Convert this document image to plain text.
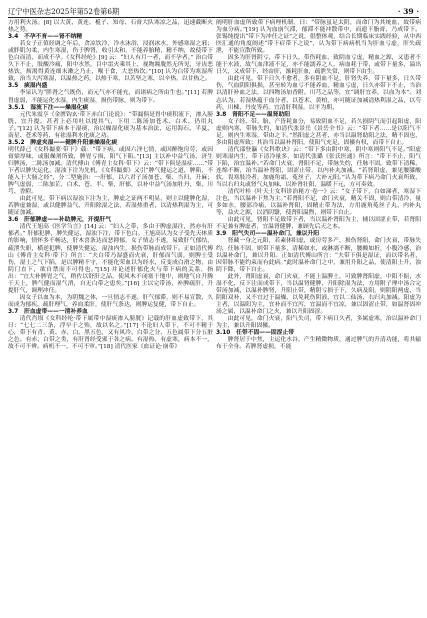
辽宁中医杂志2025年第52卷第6期	· 39 ·

方用利火汤。[8] 以大黄、黄连、栀子、知母、石膏大队寒凉之品，迅速截断火热之势。

3.4　不孕不育——肾不纳精

若女子正值经调之年后，贪凉饮冷，冷水沐浴，浸润冰水，外感寒湿之邪；或胖肌匀柔，内生寒湿，伤于脾肾，收引太和，不能养胎精，精不纳，故使带下色白而清，而成不孕。《女科经纶》[9] 云：“妇人有月一者，而不孕者。” 治白带久下不止，肢酸冷痛，阳中水然，目中雷火乘其上，视物瞳胧然无所见，牙齿恶热饮，烦渴得黄连细末漱之乃止，喉于食，大恶热饮。”[10] 认为白带为寒湿所致，治当大泻寒湿，以温热之药，以热于寒，以苦坚之寒，以辛热，以甘热之。

3.5　痰湿内盛

李杲认为“胖肾之气既伤，而元气亦不能充，而诸病之所由生也。”[11] 若脾胃虚弱，不能运化水湿，内生痰湿，损伤带脉，则为带下。

3.5.1　湿流下注——燥湿化痰

元代朱震亨《金匮钩玄·带下赤白门论说》：“带漏俱是胃中痰积流下，渗入膀胱，宜升提。甚者上必用吐以提其气，下用二陈汤加苍术、白术，仍用丸子。”[12] 认为带下病本于湿痰，治以燥湿化痰为基本治法，运用海石、半夏、南星、苍术等药，有祛湿利水化痰之功。

3.5.2　脾虚夹湿——健脾升阳兼燥湿化痰

明代薛己《女科撮要·带下》载：“带下病，或因六淫七情，或因醉饱房劳，或因膏粱厚味，或服燥剂所致，脾胃亏损，阳气下陷。”[13] 主以补中益气汤，济生归脾汤，二陈汤加减。清代傅山《傅青主女科·带下》云：“带下俱是湿症……”带下者以脾失运化、湿浊下注为先机，《女科撮要》又引“脾气健运之道，脾陷，不能入于大肠之经”，分二型施治：一肝郁，以六君子汤加苍、柴、当归、升麻；脾气虚弱，二陈加芷，白术、苍、半、柴，肝郁，以补中益气汤加牡丹、柴、川芎、香附。

由此可见，带下病以湿浊下注为主，脾虚之证两不明显，则主以健脾化湿，若脾虚兼湿，或以健脾益气、升阳除湿之法，若湿热重者，以清热利湿为主，可随证加减。

3.6　肝郁脾虚——补助脾元，开提肝气

清代王旭高《医学刍言》[14] 云：“妇人之带，多由于脾虚湿注，然亦有肝郁者。” 肝郁犯脾，脾失健运，湿浊下注，带下色白。王旭高认为女子受先天体质的影响，情怀多不畅达，肝木喜条达而恶抑郁，女子情志不遂，易致肝气郁结，疏泄失职，横逆犯脾，使脾失健运，湿浊内生，损伤带脉而成带下。正如清代傅山《傅青主女科·带下》所言：“夫白带乃湿盛而火衰，肝郁而气弱，则脾土受伤，湿土之气下陷，是以脾精不守，不能化荣血以为经水，反变成白滑之物，由阴门直下，欲自禁而不可得也。”[15] 并论述肝郁化火与带下病的关系，指出：“宜大补脾胃之气，稍佐以舒肝之品，使风木不闭塞于地中，则地气自升腾于天上，脾气健而湿气消，自无白带之患矣。”[16] 主以完带汤，补脾疏肝，升提肝气，调理冲任。

因女子以血为本，为阴魏之体，一旦情志不遂，肝气郁滞，则不易宣散，久而成为郁疾，疏肝理气，养血柔肝，使肝气条达，则脾运复健，带下自止。

3.7　肝血虚带——一清补养血

清代肖埙《女科经纶·带下属带中湿痰渗入膀胱》记载的肝血虚致带下，其曰：“七七二三条，浮早于之殆，故以名之。”[17] 不论妇人带下，不可不精于心，带下有青、黄、赤、白、黑五色，又有风冷、白带之分，五色属带下分五脏之色。有赤、白带之类，有肝肾经受邪于各之病。有湿热、有虚寒，病本不一，故不可不辨。病机不一，不可不审。”[18] 清代医家《血证论·崩带》

阐明肝血虚所致带下病理机制，曰：“带脉虽足太阴，而命门为其统血，故带病为血分病。”[19] 认为血崩气滞，郁滞不能冲散带中，而遗下脂膏，乃成带下。张锡纯提出“带下为冲任之证”之说，倡整体观，结合长期临床实践经验，从中西医汇通的角度阐述“带下症带下之说”，认为带下病病机当为肝血亏虚，肝失疏泄，不能宣散所致。

因多为肝肾阴亏，带下日久，带伤耗血，致阴血亏虚，精血之源，又患者不能于水液，故气血津液不足，亦不能濡养之人，病血耗于带，或带下量多，溢出日久，又成带下，经由肝，渐耗肝血，疏泄失常，则带下由生。

由此可见，带下日久不愈者，多有阴血不足，肝肾失养，带下量多，日久带伤，气血阴阳俱损，甚至转为血亏不能养血，精血亏虚，日久亦带下不止，当治以清肝补血之法，以四物汤加香附、川芎之品等，宜“调肝宜养，以血为本”。刘志认为，若湿热蕴于血分者，以苍术、黄柏，亦可随证加减清热利湿之品，以芍药、川楝、丹皮等药，宜清肝利湿，以平为期。

3.8　肾阳不足——温肾助阳

女子经、带、胎、产皆耗血分，易致阴血不足，若久损阴气而引起阳虚，阳虚则内寒，带脉失约，如清代张景岳《景岳全书》云：“带下者……是以阳气不足，则内生寒湿，带由之下。”然阳虚之甚者，亦当以温肾助阳之法，精不固也，多由阳虚所致；其治当以温补肾阳，使阳气充足，固摄有权，而带下自止。

清代邵登瀛《女科歌诀》云：“带下多由阴中寒，阴中寒则阳气不足。”阳虚则寒湿内生，带下清冷量多，如清代张璐《张氏医通》所言：“带下不止，阳气下陷，治宜温补。”若命门火衰，肾阳不足，带脉失约，任脉不固，致带下清稀，连绵不断，治当温补肾阳，固涩止带，以内补丸加减。“若肾阳虚，兼见腰膝酸软，畏寒肢冷者，加鹿角霜、菟丝子，大补元阳。”认为带下病乃命门火衰所致，当以右归丸或肾气丸加味，以补肾壮阳，温暖下元，方可奏效。

清代叶桂《叶天士女科诊治秘方·卷一》云：“女子带下，白如涕者，寒湿下注也，当以温补下焦为主。”若肾阳不足，命门火衰，精关不固，则白带清冷，量多如水，腰部冷痛，以温补肾阳，固精止带为法，方用鹿角菟丝子丸、内补丸等，益火之源，以消阴翳，使肾阳温煦，则带下自止。

由此可见，肾阳不足致带下者，当以温补肾阳为主，辅以固涩止带，若肾阳不足兼有脾虚者，宜温肾健脾，兼顾先后天之本。

3.9　阳气失司——温补命门，兼以升阳

肾藏一身之元阳，若素体阳虚，或房劳多产，损伤肾阳，命门火衰，带脉失约，任脉不固，则带下量多，清稀如水，或淋漓不断，腰酸如折，小腹冷感，治以温补命门，兼以升阳。正如清代傅山所言：“夫带下俱是湿证，而以带名者，因带脉不能约束而有此病。”此时温补命门之中，兼用升阳之品，使清阳上升，浊阴下降，带下自止。

此外，肾阳虚衰，命门火衰，不能上温脾土，可致脾肾阳虚，中阳不振，水湿不化，反下注而成带下，当以温肾健脾、升阳除湿为法，方用附子理中汤合完带汤加减，以温补脾肾，升阳止带，精阴亏损于下，久病及阳，则阴阳两虚，当阴阳双补，又不宜过于温燥，以免耗伤阴液，宜以二仙汤、右归丸加减。阳虚为主者，以温阳为主，宜补而不宜泻，宜温而不宜凉，兼以固涩止带，如温肾固冲汤之属，以温补命门之火，兼以升阳固涩。

由此可见，命门火衰，阳气失司，带下病日久者，多属虚寒，治以温补命门为主，兼以升阳固摄。

3.10　任带不固——固涩止带

脾肾居于中焦，主运化水谷，产生精微物质，通过脾气的升清功能，将其输布于全身。若脾肾虚损，不能
